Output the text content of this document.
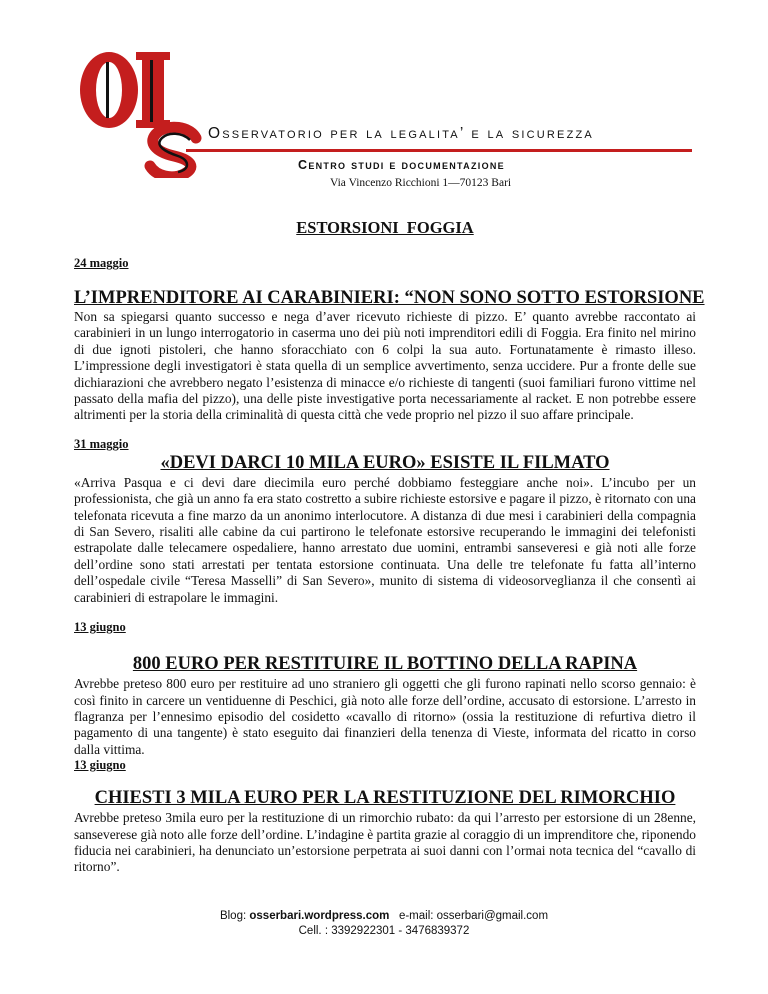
Osservatorio per la legalita’ e la sicurezza
Centro studi e documentazione
Via Vincenzo Ricchioni 1—70123 Bari
ESTORSIONI FOGGIA

24 maggio

L’IMPRENDITORE AI CARABINIERI: “NON SONO SOTTO ESTORSIONE

Non sa spiegarsi quanto successo e nega d’aver ricevuto richieste di pizzo. E’ quanto avrebbe raccontato ai carabinieri in un lungo interrogatorio in caserma uno dei più noti imprenditori edili di Foggia. Era finito nel mirino di due ignoti pistoleri, che hanno sforacchiato con 6 colpi la sua auto. Fortunatamente è rimasto illeso. L’impressione degli investigatori è stata quella di un semplice avvertimento, senza uccidere. Pur a fronte delle sue dichiarazioni che avrebbero negato l’esistenza di minacce e/o richieste di tangenti (suoi familiari furono vittime nel passato della mafia del pizzo), una delle piste investigative porta necessariamente al racket. E non potrebbe essere altrimenti per la storia della criminalità di questa città che vede proprio nel pizzo il suo affare principale.

31 maggio

«DEVI DARCI 10 MILA EURO» ESISTE IL FILMATO

«Arriva Pasqua e ci devi dare diecimila euro perché dobbiamo festeggiare anche noi». L’incubo per un professionista, che già un anno fa era stato costretto a subire richieste estorsive e pagare il pizzo, è ritornato con una telefonata ricevuta a fine marzo da un anonimo interlocutore. A distanza di due mesi i carabinieri della compagnia di San Severo, risaliti alle cabine da cui partirono le telefonate estorsive recuperando le immagini dei telefonisti estrapolate dalle telecamere ospedaliere, hanno arrestato due uomini, entrambi sanseveresi e già noti alle forze dell’ordine sono stati arrestati per tentata estorsione continuata. Una delle tre telefonate fu fatta all’interno dell’ospedale civile “Teresa Masselli” di San Severo», munito di sistema di videosorveglianza il che consentì ai carabinieri di estrapolare le immagini.

13 giugno

800 EURO PER RESTITUIRE IL BOTTINO DELLA RAPINA

Avrebbe preteso 800 euro per restituire ad uno straniero gli oggetti che gli furono rapinati nello scorso gennaio: è così finito in carcere un ventiduenne di Peschici, già noto alle forze dell’ordine, accusato di estorsione. L’arresto in flagranza per l’ennesimo episodio del cosidetto «cavallo di ritorno» (ossia la restituzione di refurtiva dietro il pagamento di una tangente) è stato eseguito dai finanzieri della tenenza di Vieste, informata del ricatto in corso dalla vittima.

13 giugno

CHIESTI 3 MILA EURO PER LA RESTITUZIONE DEL RIMORCHIO

Avrebbe preteso 3mila euro per la restituzione di un rimorchio rubato: da qui l’arresto per estorsione di un 28enne, sanseverese già noto alle forze dell’ordine. L’indagine è partita grazie al coraggio di un imprenditore che, riponendo fiducia nei carabinieri, ha denunciato un’estorsione perpetrata ai suoi danni con l’ormai nota tecnica del “cavallo di ritorno”.

Blog: osserbari.wordpress.com e-mail: osserbari@gmail.com
Cell. : 3392922301 - 3476839372
